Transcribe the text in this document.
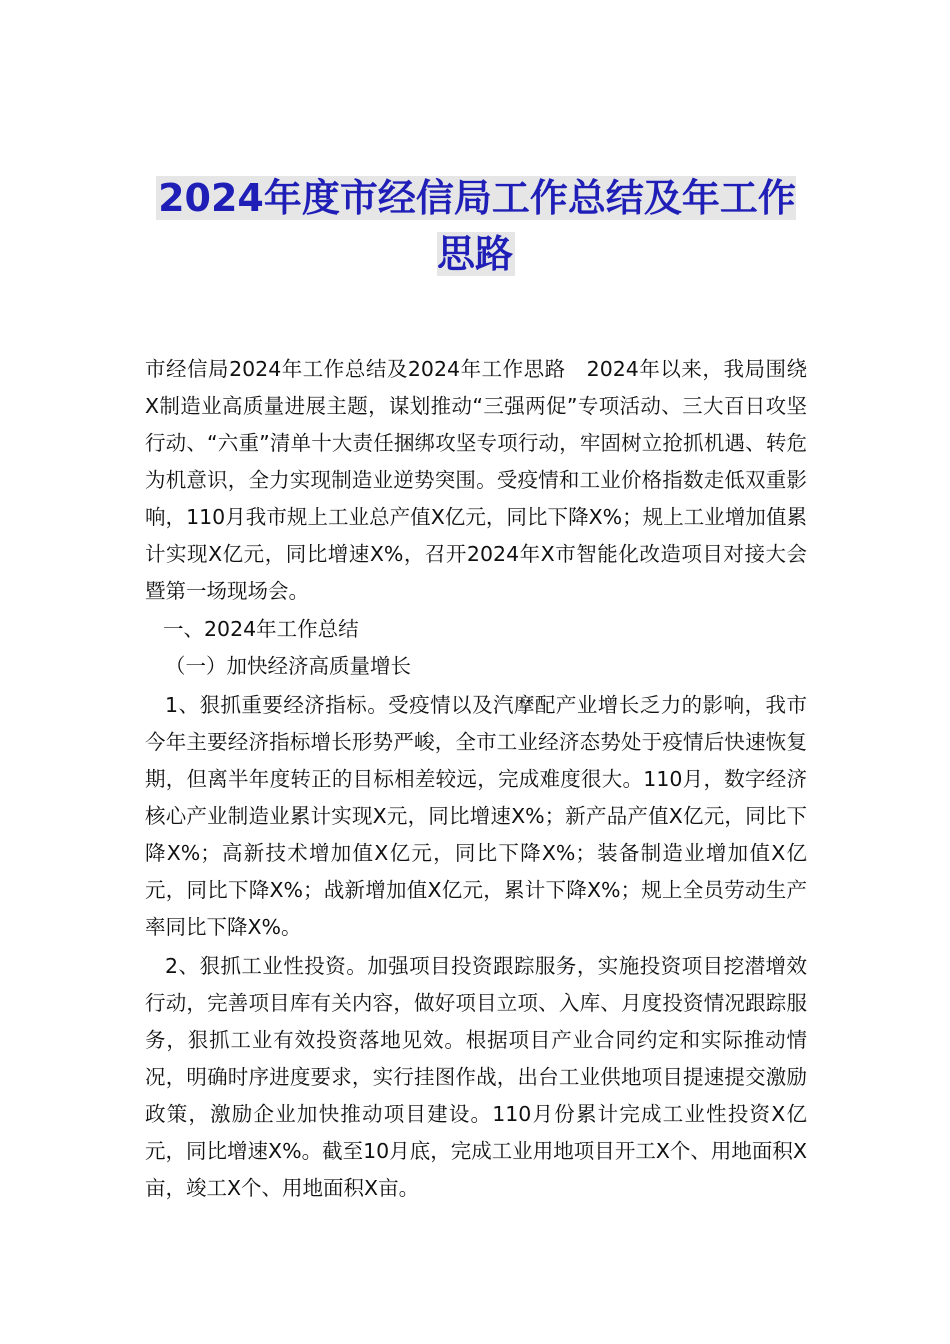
2024年度市经信局工作总结及年工作思路

市经信局2024年工作总结及2024年工作思路　2024年以来，我局围绕X制造业高质量进展主题，谋划推动“三强两促”专项活动、三大百日攻坚行动、“六重”清单十大责任捆绑攻坚专项行动，牢固树立抢抓机遇、转危为机意识，全力实现制造业逆势突围。受疫情和工业价格指数走低双重影响，110月我市规上工业总产值X亿元，同比下降X%；规上工业增加值累计实现X亿元，同比增速X%，召开2024年X市智能化改造项目对接大会暨第一场现场会。

一、2024年工作总结

（一）加快经济高质量增长

1、狠抓重要经济指标。受疫情以及汽摩配产业增长乏力的影响，我市今年主要经济指标增长形势严峻，全市工业经济态势处于疫情后快速恢复期，但离半年度转正的目标相差较远，完成难度很大。110月，数字经济核心产业制造业累计实现X元，同比增速X%；新产品产值X亿元，同比下降X%；高新技术增加值X亿元，同比下降X%；装备制造业增加值X亿元，同比下降X%；战新增加值X亿元，累计下降X%；规上全员劳动生产率同比下降X%。

2、狠抓工业性投资。加强项目投资跟踪服务，实施投资项目挖潜增效行动，完善项目库有关内容，做好项目立项、入库、月度投资情况跟踪服务，狠抓工业有效投资落地见效。根据项目产业合同约定和实际推动情况，明确时序进度要求，实行挂图作战，出台工业供地项目提速提交激励政策，激励企业加快推动项目建设。110月份累计完成工业性投资X亿元，同比增速X%。截至10月底，完成工业用地项目开工X个、用地面积X亩，竣工X个、用地面积X亩。
